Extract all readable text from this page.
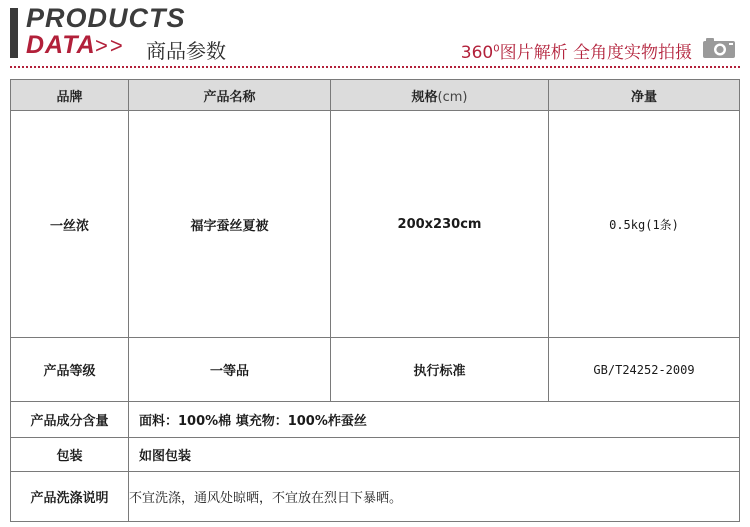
PRODUCTS
DATA >> 商品参数	$360^0$图片解析 全角度实物拍摄
品牌	产品名称	规格(cm)	净量
一丝浓	福字蚕丝夏被	200x230cm	0.5kg(1条)
产品等级	一等品	执行标准	GB/T24252-2009
产品成分含量	面料：100%棉 填充物：100%柞蚕丝		
包装	如图包装		
产品洗涤说明	不宜洗涤，通风处晾晒，不宜放在烈日下暴晒。		
